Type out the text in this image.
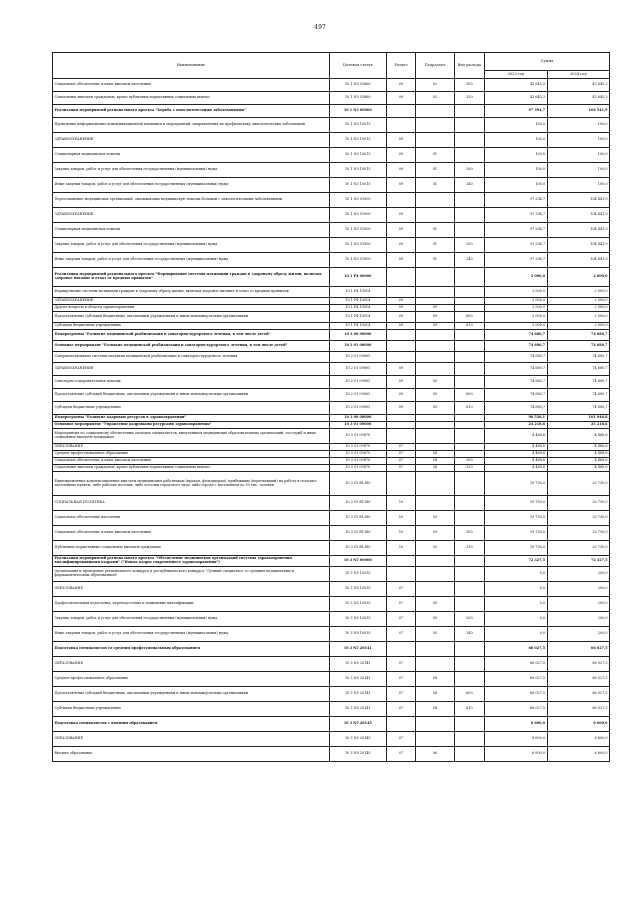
497
Наименование	Целевая статья	Раздел	Подраздел	Вид расхода	Сумма	
					2023 год	2024 год
Социальное обеспечение и иные выплаты населению	10 1 N5 53860	09	02	300	43 645,3	43 645,3
Социальные выплаты гражданам, кроме публичных нормативных социальных выплат	10 1 N5 53860	09	02	320	43 645,3	43 645,3
Реализация мероприятий регионального проекта "Борьба с онкологическими заболеваниями"	10 1 N3 00000				97 394,7	104 541,9
Проведение информационно-коммуникационной кампании и мероприятий, направленных на профилактику онкологических заболеваний	10 1 N3 10015				100,0	100,0
ЗДРАВООХРАНЕНИЕ	10 1 N3 10015	09			100,0	100,0
Стационарная медицинская помощь	10 1 N3 10015	09	01		100,0	100,0
Закупка товаров, работ и услуг для обеспечения государственных (муниципальных) нужд	10 1 N3 10015	09	01	200	100,0	100,0
Иные закупки товаров, работ и услуг для обеспечения государственных (муниципальных) нужд	10 1 N3 10015	09	01	240	100,0	100,0
Переоснащение медицинских организаций, оказывающих медицинскую помощь больным с онкологическими заболеваниями	10 1 N3 51900				97 294,7	104 441,9
ЗДРАВООХРАНЕНИЕ	10 1 N3 51900	09			97 294,7	104 441,9
Стационарная медицинская помощь	10 1 N3 51900	09	01		97 294,7	104 441,9
Закупка товаров, работ и услуг для обеспечения государственных (муниципальных) нужд	10 1 N3 51900	09	01	200	97 294,7	104 441,9
Иные закупки товаров, работ и услуг для обеспечения государственных (муниципальных) нужд	10 1 N3 51900	09	01	240	97 294,7	104 441,9
Реализация мероприятий регионального проекта "Формирование системы мотивации граждан к здоровому образу жизни, включая здоровое питание и отказ от вредных привычек"	10 1 P4 00000				2 000,0	2 000,0
Формирование системы мотивации граждан к здоровому образу жизни, включая здоровое питание и отказ от вредных привычек	10 1 P4 10014				2 000,0	2 000,0
ЗДРАВООХРАНЕНИЕ	10 1 P4 10014	09			2 000,0	2 000,0
Другие вопросы в области здравоохранения	10 1 P4 10014	09	09		2 000,0	2 000,0
Предоставление субсидий бюджетным, автономным учреждениям и иным некоммерческим организациям	10 1 P4 10014	09	09	600	2 000,0	2 000,0
Субсидии бюджетным учреждениям	10 1 P4 10014	09	09	610	2 000,0	2 000,0
Подпрограмма "Развитие медицинской реабилитации и санаторно-курортного лечения, в том числе детей"	10 2 00 00000				74 680,7	74 680,7
Основное мероприятие "Развитие медицинской реабилитации и санаторно-курортного лечения, в том числе детей"	10 2 01 00000				74 680,7	74 680,7
Совершенствование системы оказания медицинской реабилитации и санаторно-курортного лечения	10 2 01 09891				74 680,7	74 680,7
ЗДРАВООХРАНЕНИЕ	10 2 01 09891	09			74 680,7	74 680,7
Санаторно-оздоровительная помощь	10 2 01 09891	09	05		74 680,7	74 680,7
Предоставление субсидий бюджетным, автономным учреждениям и иным некоммерческим организациям	10 2 01 09891	09	05	600	74 680,7	74 680,7
Субсидии бюджетным учреждениям	10 2 01 09891	09	05	610	74 680,7	74 680,7
Подпрограмма "Развитие кадровых ресурсов в здравоохранении"	10 3 00 00000				96 526,1	101 946,8
Основное мероприятие "Управление кадровыми ресурсами здравоохранения"	10 3 01 00000				24 218,6	25 218,6
Мероприятия по социальному обеспечению молодых специалистов, выпускников медицинских образовательных организаций, госслужб и иные социальные выплаты гражданам	10 3 01 09870				4 468,6	4 468,6
ОБРАЗОВАНИЕ	10 3 01 09870	07			4 468,6	4 468,6
Среднее профессиональное образование	10 3 01 09870	07	04		4 468,6	4 468,6
Социальное обеспечение и иные выплаты населению	10 3 01 09870	07	04	300	4 468,6	4 468,6
Социальные выплаты гражданам, кроме публичных нормативных социальных выплат	10 3 01 09870	07	04	320	4 468,6	4 468,6
Единовременные компенсационные выплаты медицинским работникам (врачам, фельдшерам), прибывшим (переехавшим) на работу в сельские населенные пункты, либо рабочие поселки, либо поселки городского типа, либо города с населением до 50 тыс. человек	10 3 01 R1380				19 750,0	20 750,0
СОЦИАЛЬНАЯ ПОЛИТИКА	10 3 01 R1380	10			19 750,0	20 750,0
Социальное обеспечение населения	10 3 01 R1380	10	03		19 750,0	20 750,0
Социальное обеспечение и иные выплаты населению	10 3 01 R1380	10	03	300	19 750,0	20 750,0
Публичные нормативные социальные выплаты гражданам	10 3 01 R1380	10	03	310	19 750,0	20 750,0
Реализация мероприятий регионального проекта "Обеспечение медицинских организаций системы здравоохранения квалифицированными кадрами" ("Новые кадры современного здравоохранения")	10 3 N5 00000				72 327,5	72 327,5
Организация и проведение регионального конкурса и республиканского конкурса "Лучший специалист со средним медицинским и фармацевтическим образованием"	10 3 N5 10035				0,0	200,0
ОБРАЗОВАНИЕ	10 3 N5 10035	07			0,0	200,0
Профессиональная подготовка, переподготовка и повышение квалификации	10 3 N5 10035	07	05		0,0	200,0
Закупка товаров, работ и услуг для обеспечения государственных (муниципальных) нужд	10 3 N5 10035	07	05	200	0,0	200,0
Иные закупки товаров, работ и услуг для обеспечения государственных (муниципальных) нужд	10 3 N5 10035	07	05	240	0,0	200,0
Подготовка специалистов со средним профессиональным образованием	10 3 N5 20141				66 027,5	66 027,5
ОБРАЗОВАНИЕ	10 3 N5 20141	07			66 027,5	66 027,5
Среднее профессиональное образование	10 3 N5 20141	07	04		66 027,5	66 027,5
Предоставление субсидий бюджетным, автономным учреждениям и иным некоммерческим организациям	10 3 N5 20141	07	04	600	66 027,5	66 027,5
Субсидии бюджетным учреждениям	10 3 N5 20141	07	04	610	66 027,5	66 027,5
Подготовка специалистов с высшим образованием	10 3 N5 20145				6 600,0	6 600,0
ОБРАЗОВАНИЕ	10 3 N5 20145	07			6 600,0	6 600,0
Высшее образование	10 3 N5 20145	07	06		6 600,0	6 600,0
